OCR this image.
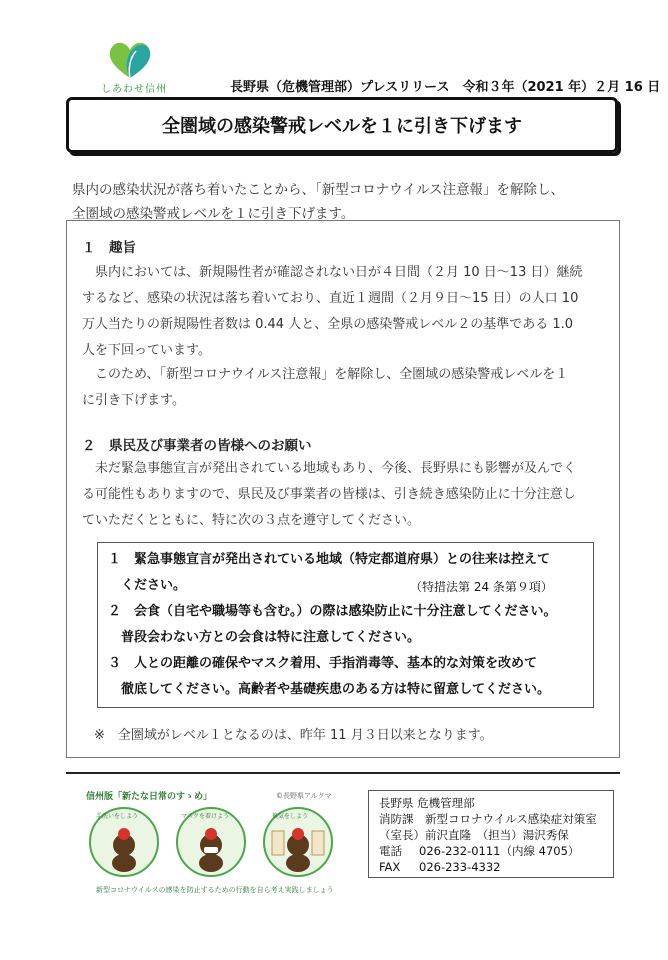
しあわせ信州	長野県（危機管理部）プレスリリース　令和３年（2021 年）２月 16 日
全圏域の感染警戒レベルを１に引き下げます
県内の感染状況が落ち着いたことから、「新型コロナウイルス注意報」を解除し、
全圏域の感染警戒レベルを１に引き下げます。
１　趣旨
　県内においては、新規陽性者が確認されない日が４日間（２月 10 日～13 日）継続
するなど、感染の状況は落ち着いており、直近１週間（２月９日～15 日）の人口 10
万人当たりの新規陽性者数は 0.44 人と、全県の感染警戒レベル２の基準である 1.0
人を下回っています。
　このため、「新型コロナウイルス注意報」を解除し、全圏域の感染警戒レベルを１
に引き下げます。
２　県民及び事業者の皆様へのお願い
　未だ緊急事態宣言が発出されている地域もあり、今後、長野県にも影響が及んでく
る可能性もありますので、県民及び事業者の皆様は、引き続き感染防止に十分注意し
ていただくとともに、特に次の３点を遵守してください。
１　緊急事態宣言が発出されている地域（特定都道府県）との往来は控えて
　ください。
２　会食（自宅や職場等も含む。）の際は感染防止に十分注意してください。
　普段会わない方との会食は特に注意してください。
３　人との距離の確保やマスク着用、手指消毒等、基本的な対策を改めて
　徹底してください。高齢者や基礎疾患のある方は特に留意してください。
（特措法第 24 条第９項）
※　全圏域がレベル１となるのは、昨年 11 月３日以来となります。
信州版「新たな日常のすゝめ」	©長野県アルクマ
手洗いをしよう	マスクを着けよう	換気をしよう
新型コロナウイルスの感染を防止するための行動を自ら考え実践しましょう
長野県 危機管理部
消防課　新型コロナウイルス感染症対策室
（室長）前沢直隆　（担当）湯沢秀保
電話 026-232-0111（内線 4705）
FAX 026-233-4332
